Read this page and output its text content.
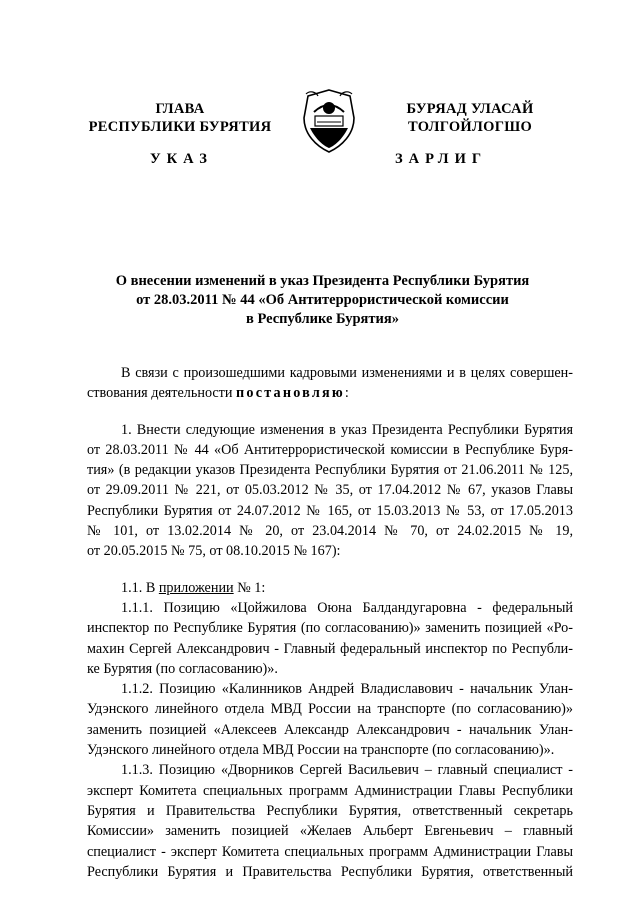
ГЛАВА
РЕСПУБЛИКИ БУРЯТИЯ
БУРЯАД УЛАСАЙ
ТОЛГОЙЛОГШО
УКАЗ	ЗАРЛИГ
О внесении изменений в указ Президента Республики Бурятия
от 28.03.2011 № 44 «Об Антитеррористической комиссии
в Республике Бурятия»
В связи с произошедшими кадровыми изменениями и в целях совершен-
ствования деятельности постановляю:
1. Внести следующие изменения в указ Президента Республики Бурятия
от 28.03.2011 № 44 «Об Антитеррористической комиссии в Республике Буря-
тия» (в редакции указов Президента Республики Бурятия от 21.06.2011 № 125,
от 29.09.2011 № 221, от 05.03.2012 № 35, от 17.04.2012 № 67, указов Главы
Республики Бурятия от 24.07.2012 № 165, от 15.03.2013 № 53, от 17.05.2013
№ 101, от 13.02.2014 № 20, от 23.04.2014 № 70, от 24.02.2015 № 19,
от 20.05.2015 № 75, от 08.10.2015 № 167):
1.1. В приложении № 1:
1.1.1. Позицию «Цойжилова Оюна Балдандугаровна - федеральный
инспектор по Республике Бурятия (по согласованию)» заменить позицией «Ро-
махин Сергей Александрович - Главный федеральный инспектор по Республи-
ке Бурятия (по согласованию)».
1.1.2. Позицию «Калинников Андрей Владиславович - начальник Улан-
Удэнского линейного отдела МВД России на транспорте (по согласованию)»
заменить позицией «Алексеев Александр Александрович - начальник Улан-
Удэнского линейного отдела МВД России на транспорте (по согласованию)».
1.1.3. Позицию «Дворников Сергей Васильевич – главный специалист -
эксперт Комитета специальных программ Администрации Главы Республики
Бурятия и Правительства Республики Бурятия, ответственный секретарь
Комиссии» заменить позицией «Желаев Альберт Евгеньевич – главный
специалист - эксперт Комитета специальных программ Администрации Главы
Республики Бурятия и Правительства Республики Бурятия, ответственный
